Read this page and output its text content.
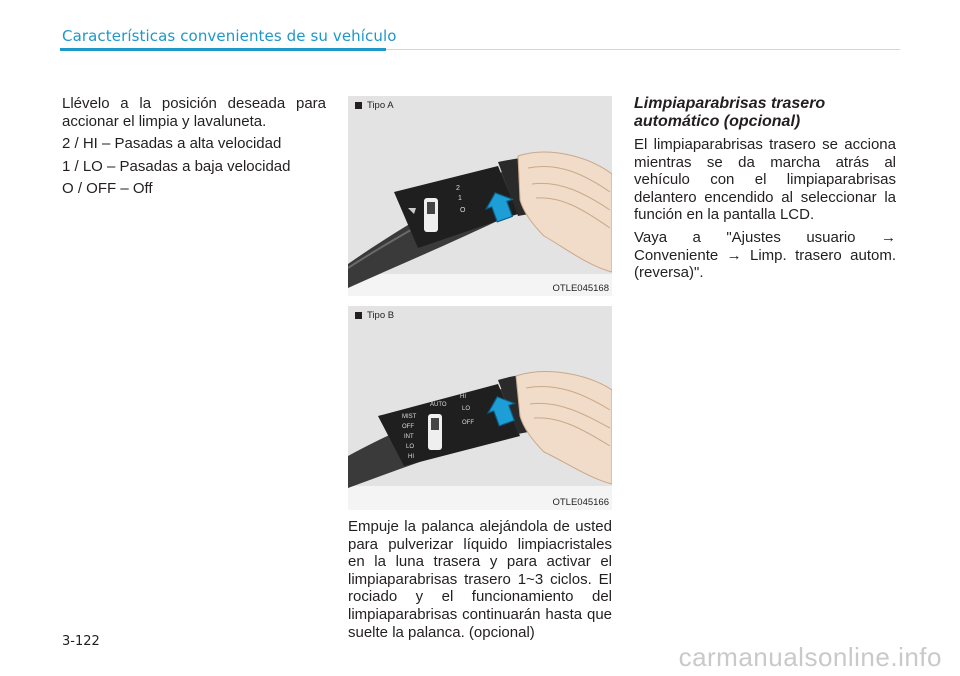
Características convenientes de su vehículo

Llévelo a la posición deseada para accionar el limpia y lavaluneta.

2 / HI – Pasadas a alta velocidad

1 / LO – Pasadas a baja velocidad

O / OFF – Off	2
1
O
Tipo A
OTLE045168
MIST
OFF
INT
LO
HI
AUTO
HI
LO
OFF
Tipo B
OTLE045166

Empuje la palanca alejándola de usted para pulverizar líquido limpiacristales en la luna trasera y para activar el limpiaparabrisas trasero 1~3 ciclos. El rociado y el funcionamiento del limpiaparabrisas continuarán hasta que suelte la palanca. (opcional)

Limpiaparabrisas trasero automático (opcional)

El limpiaparabrisas trasero se acciona mientras se da marcha atrás al vehículo con el limpiaparabrisas delantero encendido al seleccionar la función en la pantalla LCD.

Vaya a "Ajustes usuario → Conveniente → Limp. trasero autom. (reversa)".

3-122
carmanualsonline.info
